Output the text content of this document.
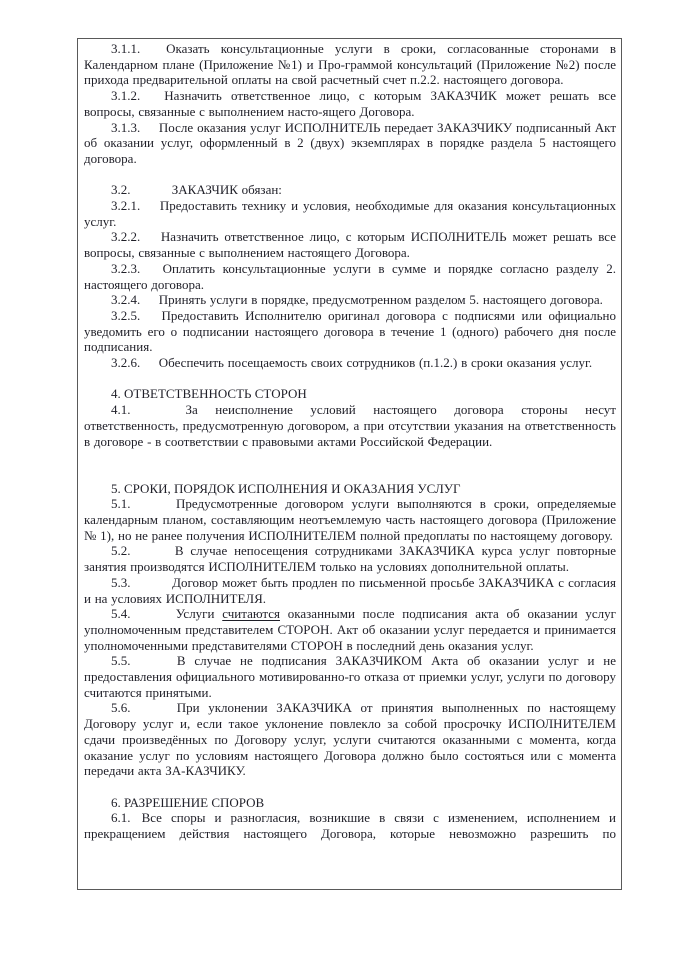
3.1.1. Оказать консультационные услуги в сроки, согласованные сторонами в Календарном плане (Приложение №1) и Про-граммой консультаций (Приложение №2) после прихода предварительной оплаты на свой расчетный счет п.2.2. настоящего договора.

3.1.2. Назначить ответственное лицо, с которым ЗАКАЗЧИК может решать все вопросы, связанные с выполнением насто-ящего Договора.

3.1.3. После оказания услуг ИСПОЛНИТЕЛЬ передает ЗАКАЗЧИКУ подписанный Акт об оказании услуг, оформленный в 2 (двух) экземплярах в порядке раздела 5 настоящего договора.

3.2.	ЗАКАЗЧИК обязан:

3.2.1. Предоставить технику и условия, необходимые для оказания консультационных услуг.

3.2.2. Назначить ответственное лицо, с которым ИСПОЛНИТЕЛЬ может решать все вопросы, связанные с выполнением настоящего Договора.

3.2.3. Оплатить консультационные услуги в сумме и порядке согласно разделу 2. настоящего договора.

3.2.4. Принять услуги в порядке, предусмотренном разделом 5. настоящего договора.

3.2.5. Предоставить Исполнителю оригинал договора с подписями или официально уведомить его о подписании настоящего договора в течение 1 (одного) рабочего дня после подписания.

3.2.6. Обеспечить посещаемость своих сотрудников (п.1.2.) в сроки оказания услуг.

4. ОТВЕТСТВЕННОСТЬ СТОРОН

4.1.	За неисполнение условий настоящего договора стороны несут ответственность, предусмотренную договором, а при отсутствии указания на ответственность в договоре - в соответствии с правовыми актами Российской Федерации.

5. СРОКИ, ПОРЯДОК ИСПОЛНЕНИЯ И ОКАЗАНИЯ УСЛУГ

5.1.	Предусмотренные договором услуги выполняются в сроки, определяемые календарным планом, составляющим неотъемлемую часть настоящего договора (Приложение № 1), но не ранее получения ИСПОЛНИТЕЛЕМ полной предоплаты по настоящему договору.

5.2.	В случае непосещения сотрудниками ЗАКАЗЧИКА курса услуг повторные занятия производятся ИСПОЛНИТЕЛЕМ только на условиях дополнительной оплаты.

5.3.	Договор может быть продлен по письменной просьбе ЗАКАЗЧИКА с согласия и на условиях ИСПОЛНИТЕЛЯ.

5.4.	Услуги считаются оказанными после подписания акта об оказании услуг уполномоченным представителем СТОРОН. Акт об оказании услуг передается и принимается уполномоченными представителями СТОРОН в последний день оказания услуг.

5.5.	В случае не подписания ЗАКАЗЧИКОМ Акта об оказании услуг и не предоставления официального мотивированно-го отказа от приемки услуг, услуги по договору считаются принятыми.

5.6.	При уклонении ЗАКАЗЧИКА от принятия выполненных по настоящему Договору услуг и, если такое уклонение повлекло за собой просрочку ИСПОЛНИТЕЛЕМ сдачи произведённых по Договору услуг, услуги считаются оказанными с момента, когда оказание услуг по условиям настоящего Договора должно было состояться или с момента передачи акта ЗА-КАЗЧИКУ.

6. РАЗРЕШЕНИЕ СПОРОВ

6.1. Все споры и разногласия, возникшие в связи с изменением, исполнением и прекращением действия настоящего Договора, которые невозможно разрешить по
